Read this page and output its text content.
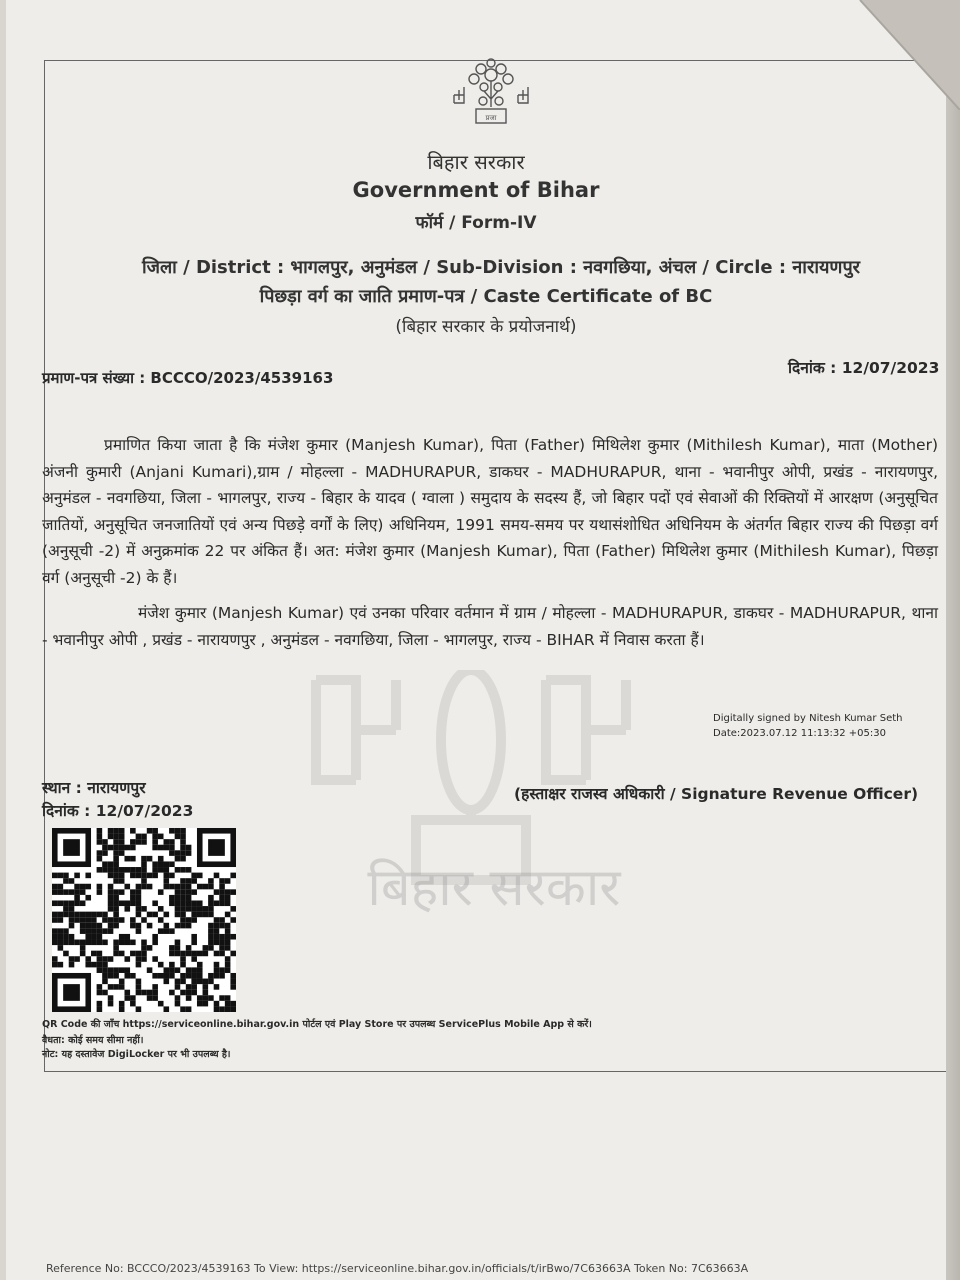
प्रजा
बिहार सरकार
बिहार सरकार
Government of Bihar
फॉर्म / Form-IV
जिला / District : भागलपुर, अनुमंडल / Sub-Division : नवगछिया, अंचल / Circle : नारायणपुर
पिछड़ा वर्ग का जाति प्रमाण-पत्र / Caste Certificate of BC
(बिहार सरकार के प्रयोजनार्थ)
प्रमाण-पत्र संख्या : BCCCO/2023/4539163
दिनांक : 12/07/2023
प्रमाणित किया जाता है कि मंजेश कुमार (Manjesh Kumar), पिता (Father) मिथिलेश कुमार (Mithilesh Kumar), माता (Mother) अंजनी कुमारी (Anjani Kumari),ग्राम / मोहल्ला - MADHURAPUR, डाकघर - MADHURAPUR, थाना - भवानीपुर ओपी, प्रखंड - नारायणपुर, अनुमंडल - नवगछिया, जिला - भागलपुर, राज्य - बिहार के यादव ( ग्वाला ) समुदाय के सदस्य हैं, जो बिहार पदों एवं सेवाओं की रिक्तियों में आरक्षण (अनुसूचित जातियों, अनुसूचित जनजातियों एवं अन्य पिछड़े वर्गों के लिए) अधिनियम, 1991 समय-समय पर यथासंशोधित अधिनियम के अंतर्गत बिहार राज्य की पिछड़ा वर्ग (अनुसूची -2) में अनुक्रमांक 22 पर अंकित हैं। अत: मंजेश कुमार (Manjesh Kumar), पिता (Father) मिथिलेश कुमार (Mithilesh Kumar), पिछड़ा वर्ग (अनुसूची -2) के हैं।
मंजेश कुमार (Manjesh Kumar) एवं उनका परिवार वर्तमान में ग्राम / मोहल्ला - MADHURAPUR, डाकघर - MADHURAPUR, थाना - भवानीपुर ओपी , प्रखंड - नारायणपुर , अनुमंडल - नवगछिया, जिला - भागलपुर, राज्य - BIHAR में निवास करता हैं।
Digitally signed by Nitesh Kumar Seth
Date:2023.07.12 11:13:32 +05:30
स्थान : नारायणपुर
दिनांक : 12/07/2023
(हस्ताक्षर राजस्व अधिकारी / Signature Revenue Officer)
QR Code की जाँच https://serviceonline.bihar.gov.in पोर्टल एवं Play Store पर उपलब्ध ServicePlus Mobile App से करें।
वैधता: कोई समय सीमा नहीं।
नोट: यह दस्तावेज DigiLocker पर भी उपलब्ध है।
Reference No: BCCCO/2023/4539163 To View: https://serviceonline.bihar.gov.in/officials/t/irBwo/7C63663A Token No: 7C63663A
